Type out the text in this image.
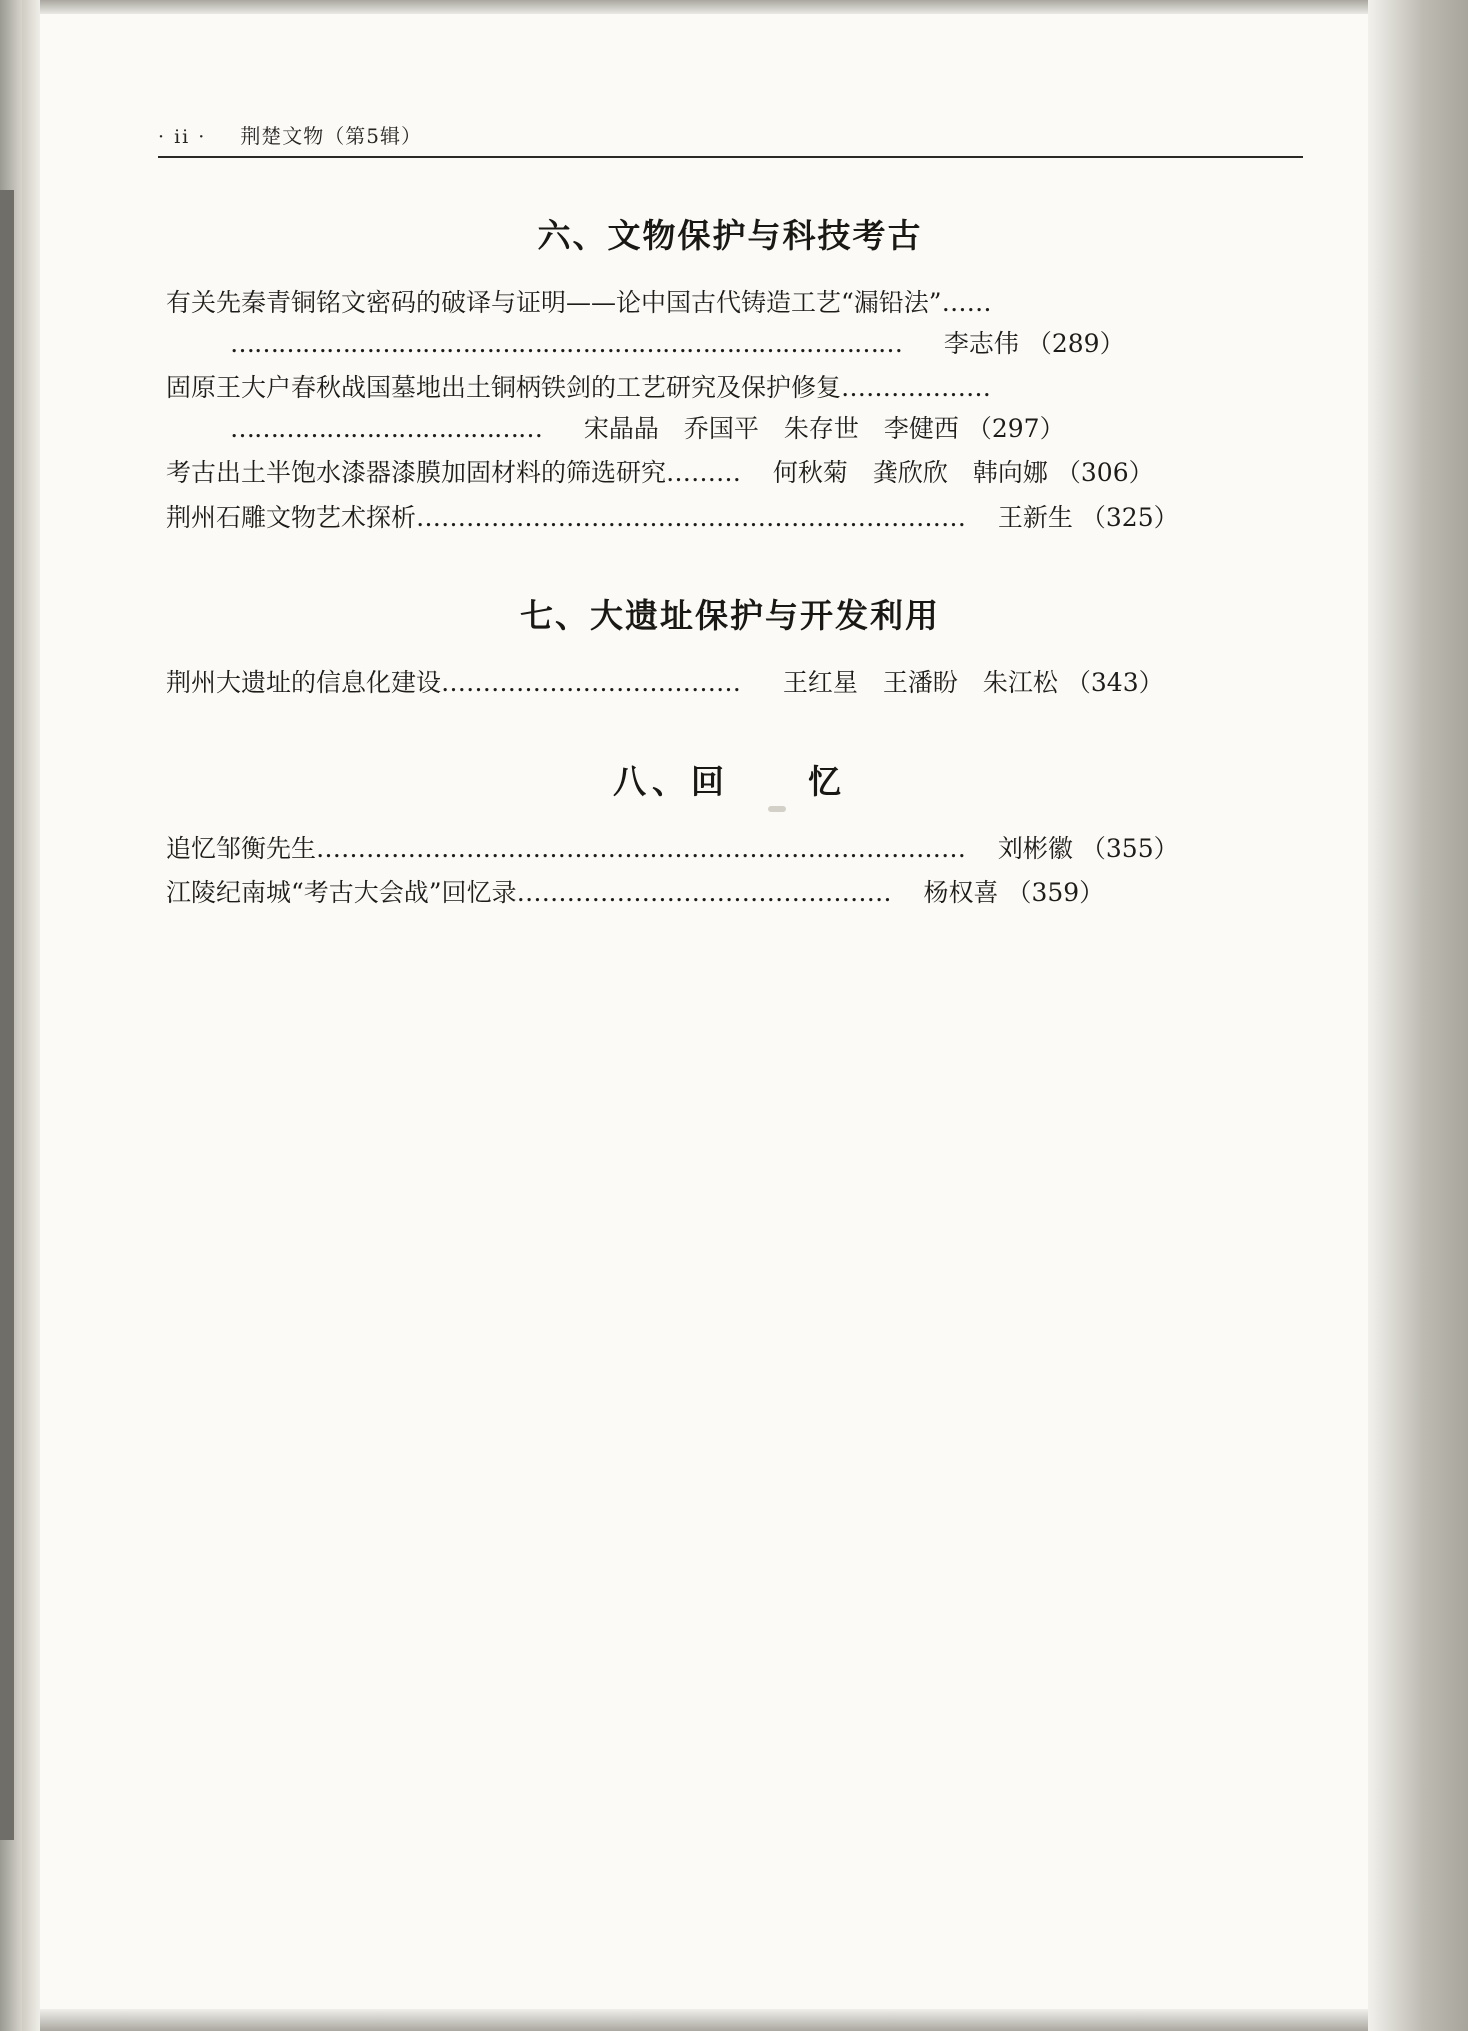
· ii · 荆楚文物（第5辑）
六、文物保护与科技考古
有关先秦青铜铭文密码的破译与证明——论中国古代铸造工艺“漏铅法”……
………………………………………………………………………… 李志伟 （289）
固原王大户春秋战国墓地出土铜柄铁剑的工艺研究及保护修复………………
………………………………… 宋晶晶　乔国平　朱存世　李健西 （297）
考古出土半饱水漆器漆膜加固材料的筛选研究……… 何秋菊　龚欣欣　韩向娜 （306）
荆州石雕文物艺术探析………………………………………………………… 王新生 （325）
七、大遗址保护与开发利用
荆州大遗址的信息化建设……………………………… 王红星　王潘盼　朱江松 （343）
八、回　　忆
追忆邹衡先生…………………………………………………………………… 刘彬徽 （355）
江陵纪南城“考古大会战”回忆录……………………………………… 杨权喜 （359）
